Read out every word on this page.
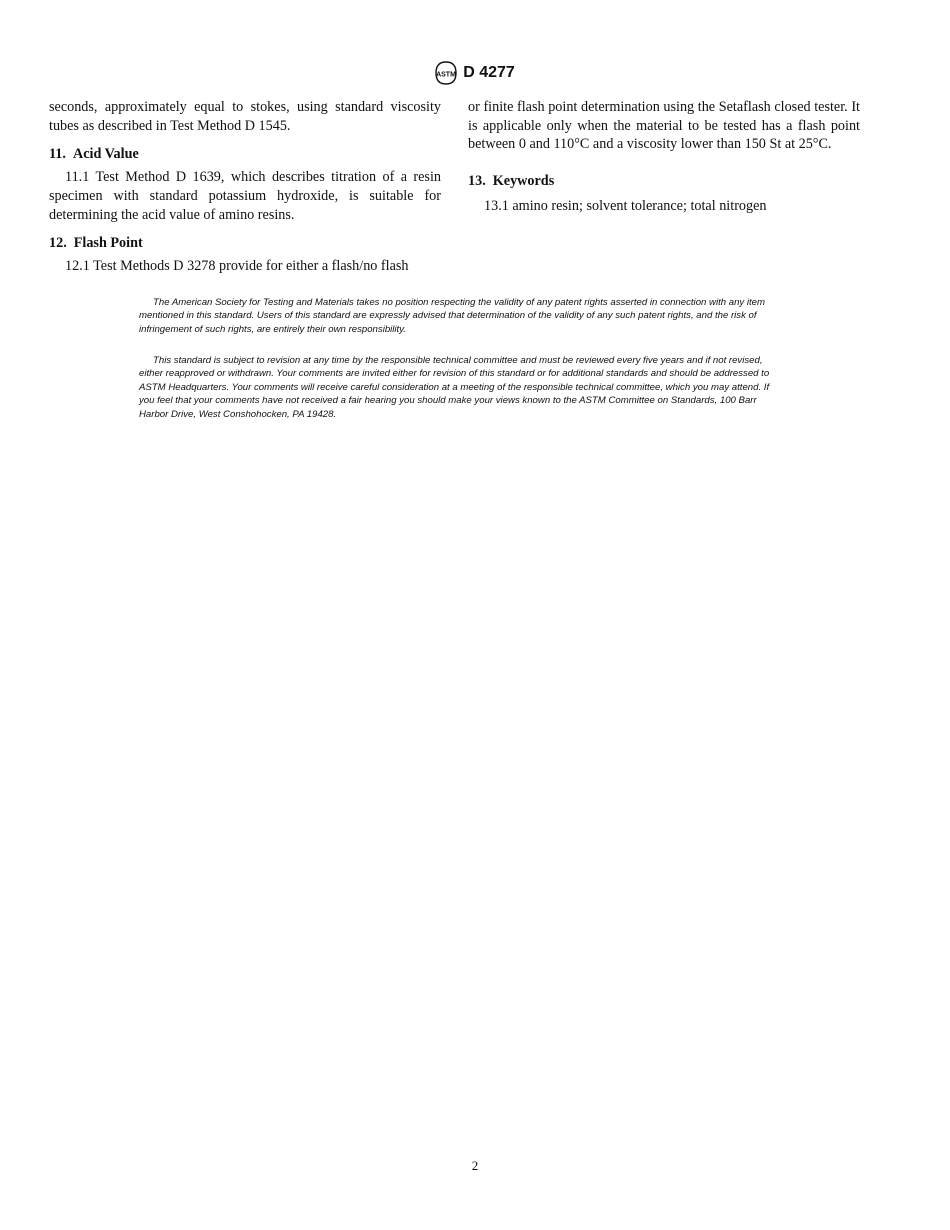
ASTM D 4277

seconds, approximately equal to stokes, using standard viscosity tubes as described in Test Method D 1545.

11. Acid Value

11.1 Test Method D 1639, which describes titration of a resin specimen with standard potassium hydroxide, is suitable for determining the acid value of amino resins.

12. Flash Point

12.1 Test Methods D 3278 provide for either a flash/no flash

or finite flash point determination using the Setaflash closed tester. It is applicable only when the material to be tested has a flash point between 0 and 110°C and a viscosity lower than 150 St at 25°C.

13. Keywords

13.1 amino resin; solvent tolerance; total nitrogen

The American Society for Testing and Materials takes no position respecting the validity of any patent rights asserted in connection with any item mentioned in this standard. Users of this standard are expressly advised that determination of the validity of any such patent rights, and the risk of infringement of such rights, are entirely their own responsibility.

This standard is subject to revision at any time by the responsible technical committee and must be reviewed every five years and if not revised, either reapproved or withdrawn. Your comments are invited either for revision of this standard or for additional standards and should be addressed to ASTM Headquarters. Your comments will receive careful consideration at a meeting of the responsible technical committee, which you may attend. If you feel that your comments have not received a fair hearing you should make your views known to the ASTM Committee on Standards, 100 Barr Harbor Drive, West Conshohocken, PA 19428.

2
